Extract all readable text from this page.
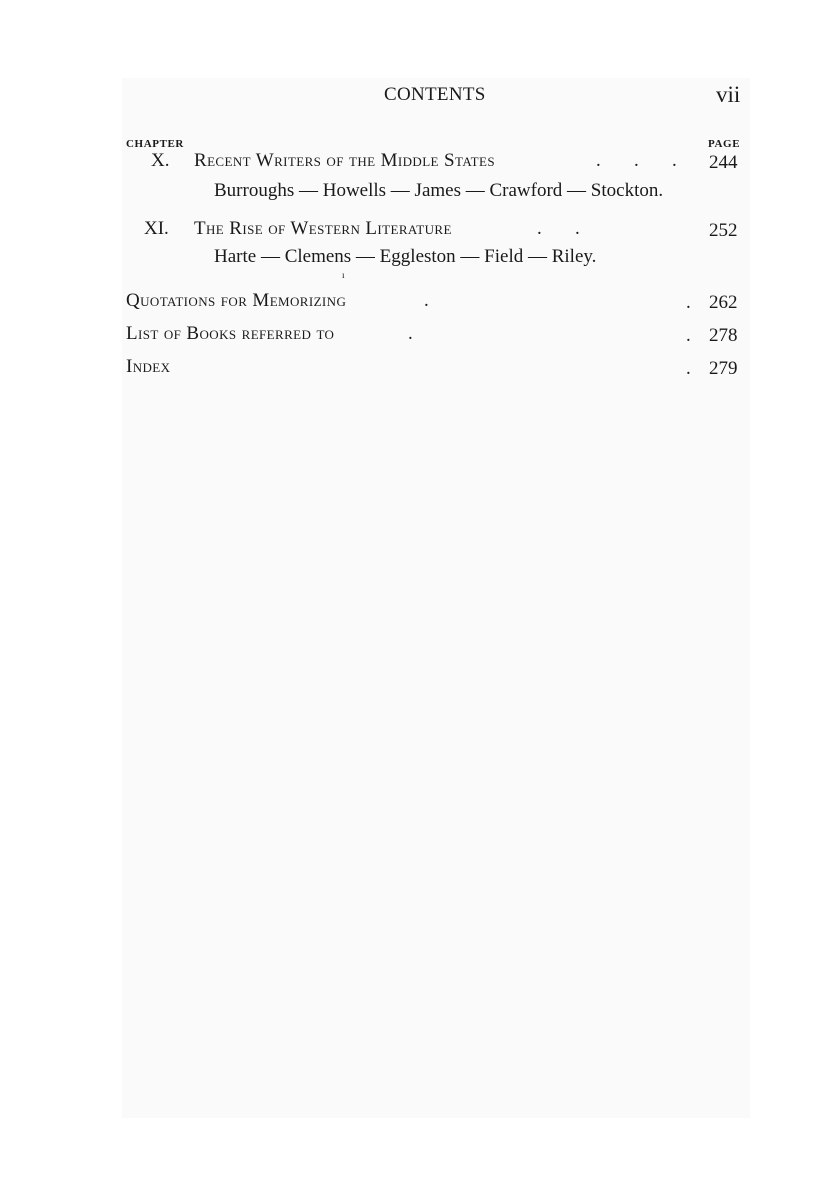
CONTENTS	vii
CHAPTER	PAGE
X. Recent Writers of the Middle States	.       .       . 244
Burroughs — Howells — James — Crawford — Stockton.
XI. The Rise of Western Literature	.       .	252
Harte — Clemens — Eggleston — Field — Riley.
ı
Quotations for Memorizing	.	. 262
List of Books referred to	.	. 278
Index	. 279
